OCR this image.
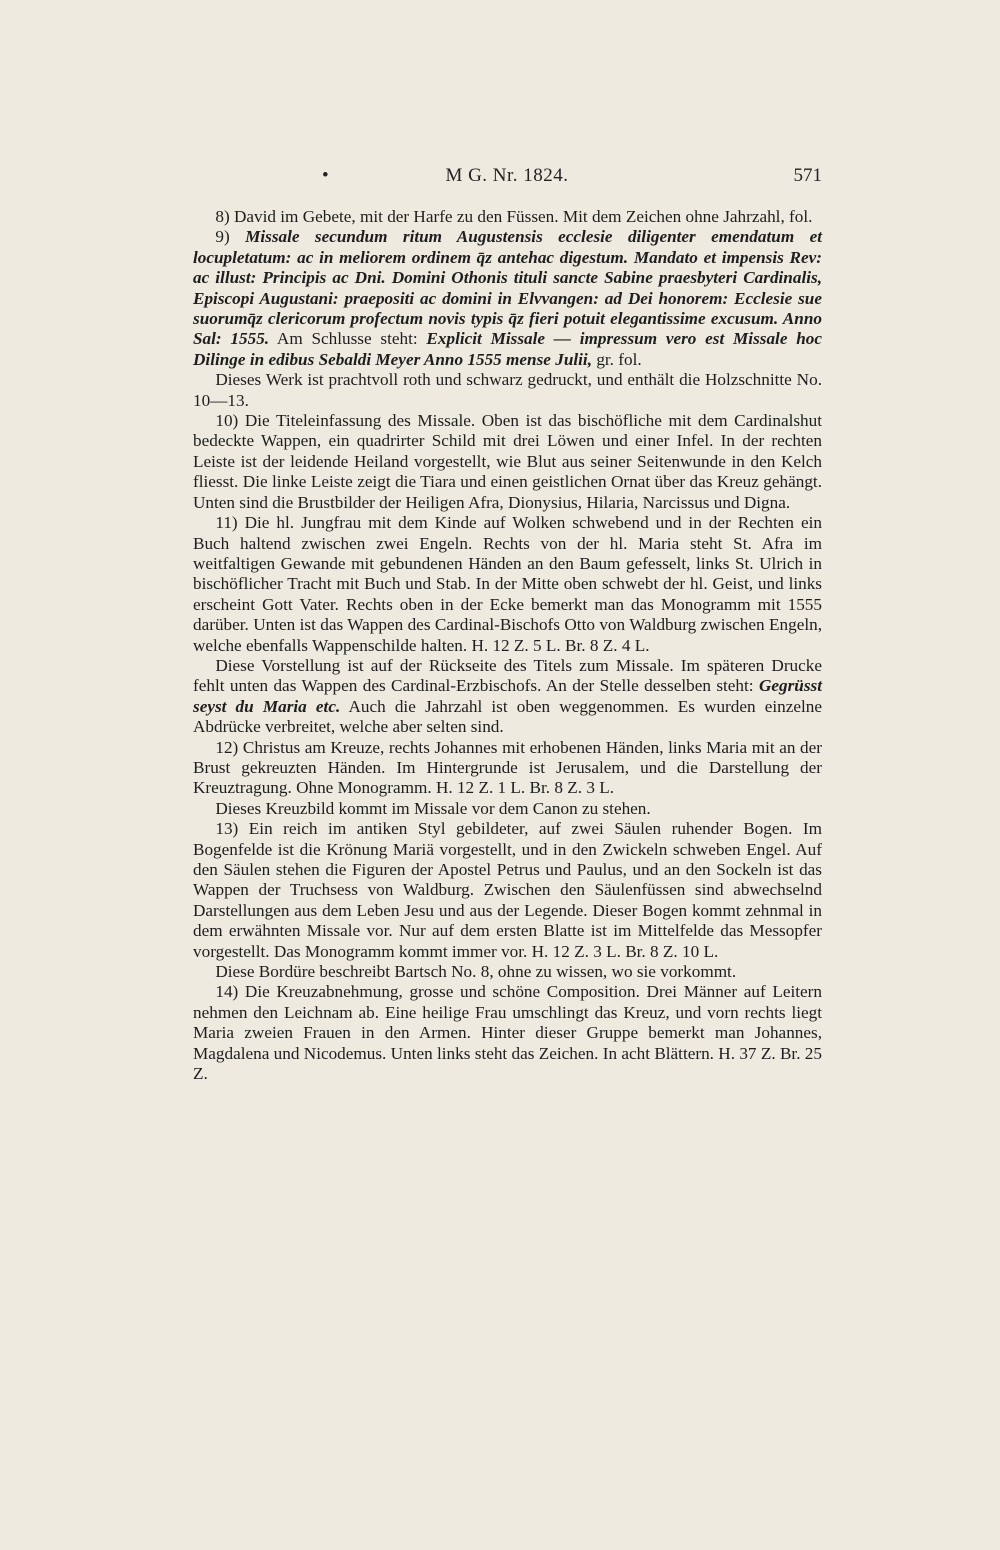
•	M G. Nr. 1824.	571

8) David im Gebete, mit der Harfe zu den Füssen. Mit dem Zeichen ohne Jahrzahl, fol.

9) Missale secundum ritum Augustensis ecclesie diligenter emendatum et locupletatum: ac in meliorem ordinem q̄z antehac digestum. Mandato et impensis Rev: ac illust: Principis ac Dni. Domini Othonis tituli sancte Sabine praesbyteri Cardinalis, Episcopi Augustani: praepositi ac domini in Elvvangen: ad Dei honorem: Ecclesie sue suorumq̄z clericorum profectum novis typis q̄z fieri potuit elegantissime excusum. Anno Sal: 1555. Am Schlusse steht: Explicit Missale — impressum vero est Missale hoc Dilinge in edibus Sebaldi Meyer Anno 1555 mense Julii, gr. fol.

Dieses Werk ist prachtvoll roth und schwarz gedruckt, und enthält die Holzschnitte No. 10—13.

10) Die Titeleinfassung des Missale. Oben ist das bischöfliche mit dem Cardinalshut bedeckte Wappen, ein quadrirter Schild mit drei Löwen und einer Infel. In der rechten Leiste ist der leidende Heiland vorgestellt, wie Blut aus seiner Seitenwunde in den Kelch fliesst. Die linke Leiste zeigt die Tiara und einen geistlichen Ornat über das Kreuz gehängt. Unten sind die Brustbilder der Heiligen Afra, Dionysius, Hilaria, Narcissus und Digna.

11) Die hl. Jungfrau mit dem Kinde auf Wolken schwebend und in der Rechten ein Buch haltend zwischen zwei Engeln. Rechts von der hl. Maria steht St. Afra im weitfaltigen Gewande mit gebundenen Händen an den Baum gefesselt, links St. Ulrich in bischöflicher Tracht mit Buch und Stab. In der Mitte oben schwebt der hl. Geist, und links erscheint Gott Vater. Rechts oben in der Ecke bemerkt man das Monogramm mit 1555 darüber. Unten ist das Wappen des Cardinal-Bischofs Otto von Waldburg zwischen Engeln, welche ebenfalls Wappenschilde halten. H. 12 Z. 5 L. Br. 8 Z. 4 L.

Diese Vorstellung ist auf der Rückseite des Titels zum Missale. Im späteren Drucke fehlt unten das Wappen des Cardinal-Erzbischofs. An der Stelle desselben steht: Gegrüsst seyst du Maria etc. Auch die Jahrzahl ist oben weggenommen. Es wurden einzelne Abdrücke verbreitet, welche aber selten sind.

12) Christus am Kreuze, rechts Johannes mit erhobenen Händen, links Maria mit an der Brust gekreuzten Händen. Im Hintergrunde ist Jerusalem, und die Darstellung der Kreuztragung. Ohne Monogramm. H. 12 Z. 1 L. Br. 8 Z. 3 L.

Dieses Kreuzbild kommt im Missale vor dem Canon zu stehen.

13) Ein reich im antiken Styl gebildeter, auf zwei Säulen ruhender Bogen. Im Bogenfelde ist die Krönung Mariä vorgestellt, und in den Zwickeln schweben Engel. Auf den Säulen stehen die Figuren der Apostel Petrus und Paulus, und an den Sockeln ist das Wappen der Truchsess von Waldburg. Zwischen den Säulenfüssen sind abwechselnd Darstellungen aus dem Leben Jesu und aus der Legende. Dieser Bogen kommt zehnmal in dem erwähnten Missale vor. Nur auf dem ersten Blatte ist im Mittelfelde das Messopfer vorgestellt. Das Monogramm kommt immer vor. H. 12 Z. 3 L. Br. 8 Z. 10 L.

Diese Bordüre beschreibt Bartsch No. 8, ohne zu wissen, wo sie vorkommt.

14) Die Kreuzabnehmung, grosse und schöne Composition. Drei Männer auf Leitern nehmen den Leichnam ab. Eine heilige Frau umschlingt das Kreuz, und vorn rechts liegt Maria zweien Frauen in den Armen. Hinter dieser Gruppe bemerkt man Johannes, Magdalena und Nicodemus. Unten links steht das Zeichen. In acht Blättern. H. 37 Z. Br. 25 Z.
